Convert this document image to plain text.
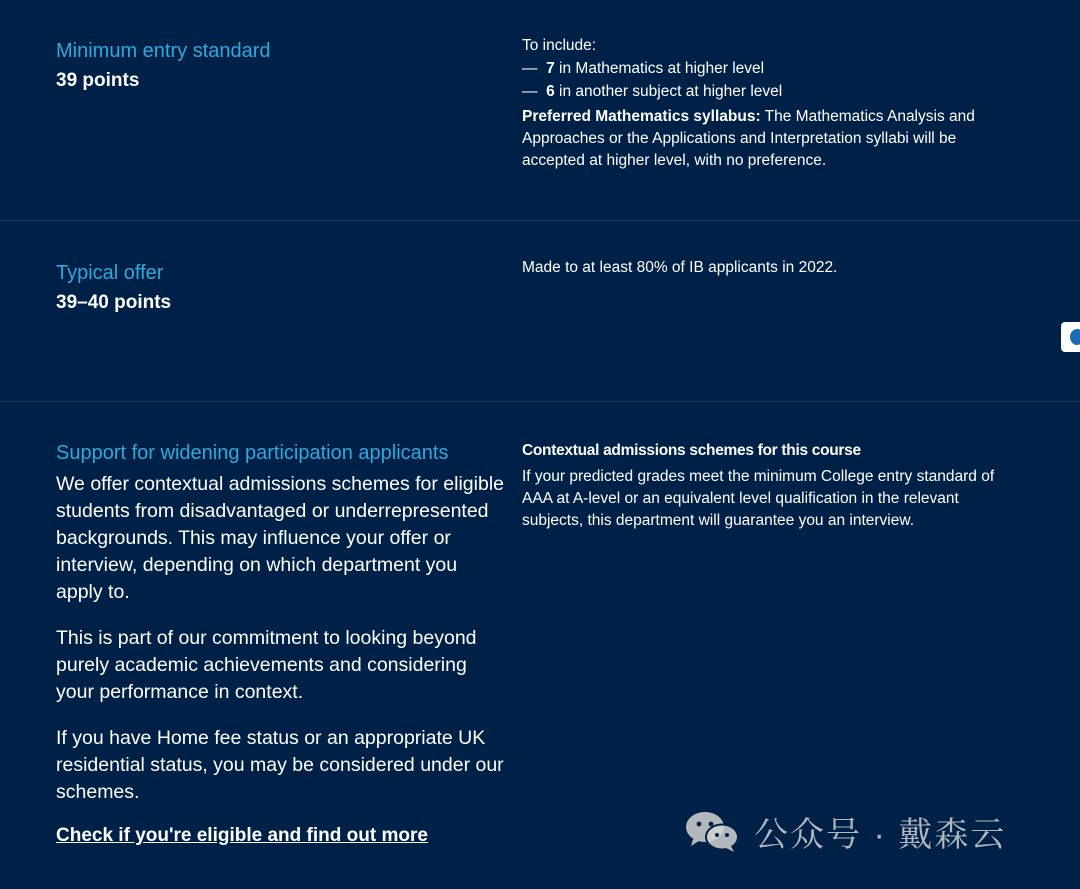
Minimum entry standard
39 points

To include:

— 7 in Mathematics at higher level

— 6 in another subject at higher level

Preferred Mathematics syllabus: The Mathematics Analysis and Approaches or the Applications and Interpretation syllabi will be accepted at higher level, with no preference.

Typical offer
39–40 points

Made to at least 80% of IB applicants in 2022.

Support for widening participation applicants

We offer contextual admissions schemes for eligible students from disadvantaged or underrepresented backgrounds. This may influence your offer or interview, depending on which department you apply to.

This is part of our commitment to looking beyond purely academic achievements and considering your performance in context.

If you have Home fee status or an appropriate UK residential status, you may be considered under our schemes.

Check if you're eligible and find out more

Contextual admissions schemes for this course

If your predicted grades meet the minimum College entry standard of AAA at A-level or an equivalent level qualification in the relevant subjects, this department will guarantee you an interview.

公众号 · 戴森云
